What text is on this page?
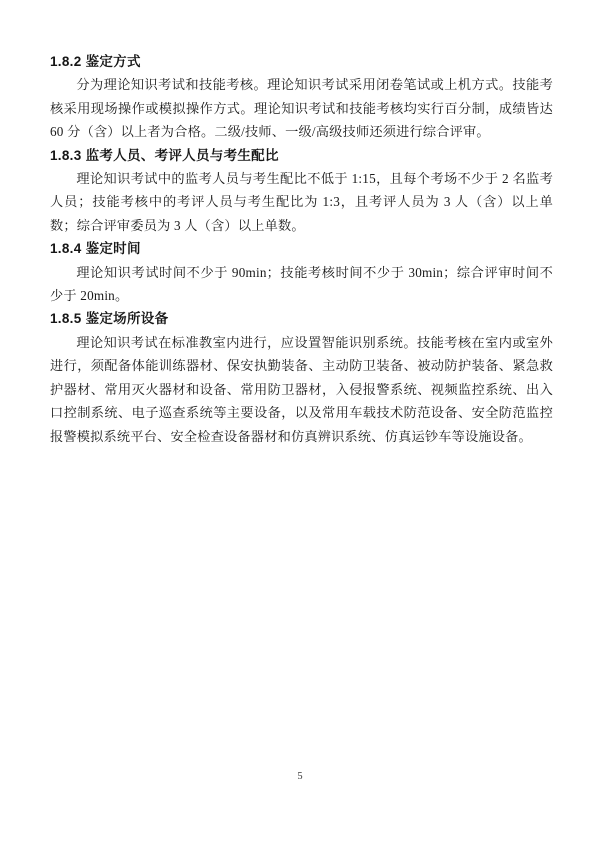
1.8.2 鉴定方式

分为理论知识考试和技能考核。理论知识考试采用闭卷笔试或上机方式。技能考核采用现场操作或模拟操作方式。理论知识考试和技能考核均实行百分制，成绩皆达 60 分（含）以上者为合格。二级/技师、一级/高级技师还须进行综合评审。

1.8.3 监考人员、考评人员与考生配比

理论知识考试中的监考人员与考生配比不低于 1:15，且每个考场不少于 2 名监考人员；技能考核中的考评人员与考生配比为 1:3，且考评人员为 3 人（含）以上单数；综合评审委员为 3 人（含）以上单数。

1.8.4 鉴定时间

理论知识考试时间不少于 90min；技能考核时间不少于 30min；综合评审时间不少于 20min。

1.8.5 鉴定场所设备

理论知识考试在标准教室内进行，应设置智能识别系统。技能考核在室内或室外进行，须配备体能训练器材、保安执勤装备、主动防卫装备、被动防护装备、紧急救护器材、常用灭火器材和设备、常用防卫器材，入侵报警系统、视频监控系统、出入口控制系统、电子巡查系统等主要设备，以及常用车载技术防范设备、安全防范监控报警模拟系统平台、安全检查设备器材和仿真辨识系统、仿真运钞车等设施设备。

5
